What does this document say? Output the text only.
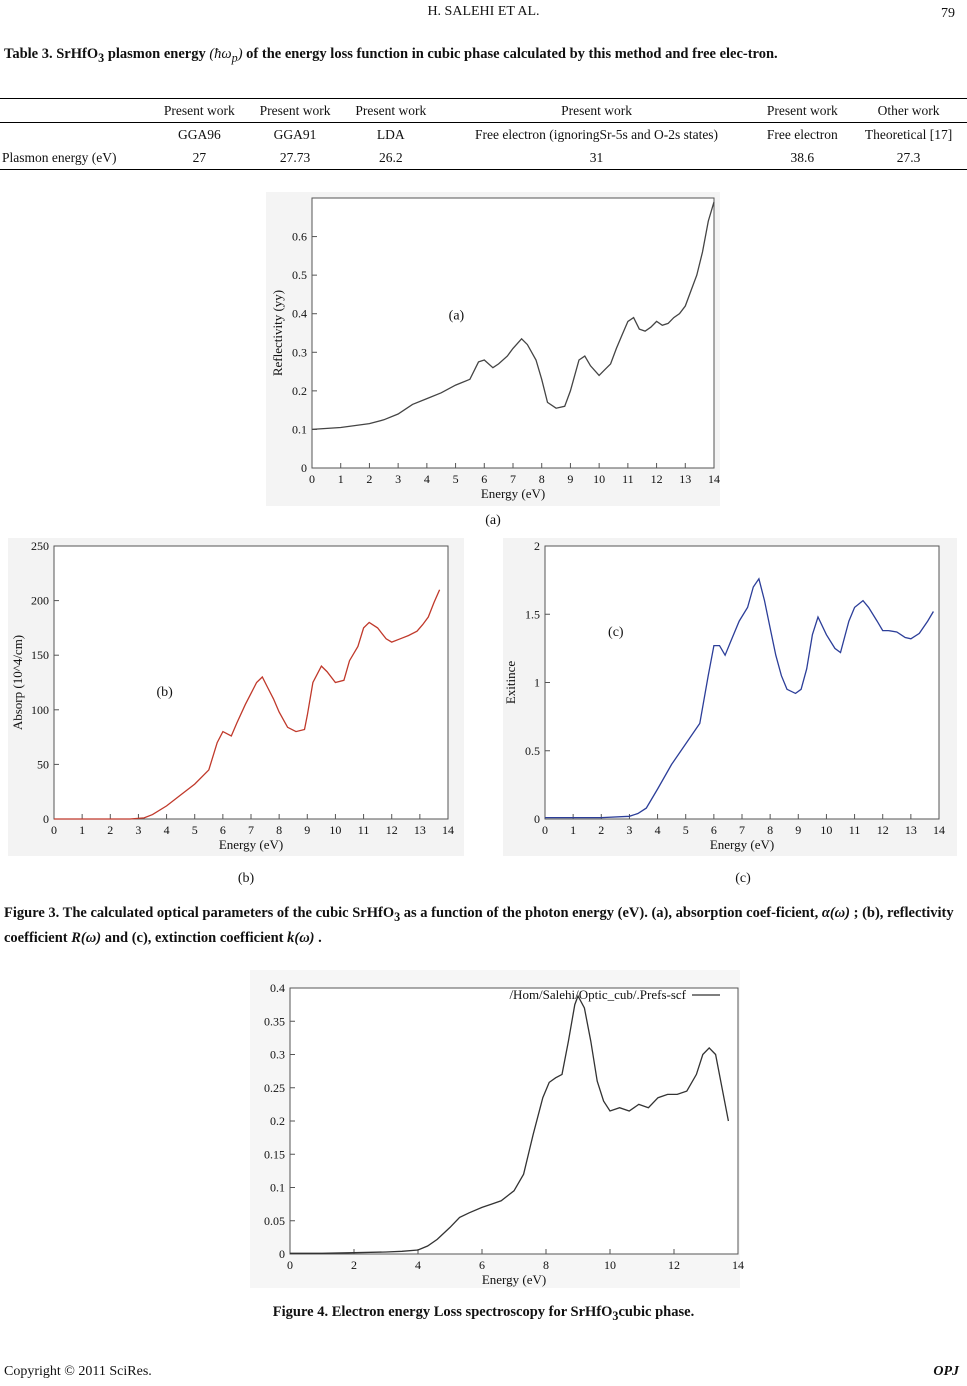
H. SALEHI ET AL.	79
Table 3. SrHfO$_3$ plasmon energy $(ħ\omega_p)$ of the energy loss function in cubic phase calculated by this method and free elec-tron.
	Present work	Present work	Present work	Present work	Present work	Other work
	GGA96	GGA91	LDA	Free electron (ignoringSr-5s and O-2s states)	Free electron	Theoretical [17]
Plasmon energy (eV)	27	27.73	26.2	31	38.6	27.3
0
0.1
0.2
0.3
0.4
0.5
0.6
0 1 2 3 4 5 6 7 8 9 10 11 12 13 14
Energy (eV)
Reflectivity (yy)	(a)
(a)
0
50
100
150
200
250
0 1 2 3 4 5 6 7 8 9 10 11 12 13 14
Energy (eV)
Absorp (10^4/cm)	(b)
(b)
0
0.5
1
1.5
2
0 1 2 3 4 5 6 7 8 9 10 11 12 13 14
Energy (eV)
Exitince
(c)
(c)
Figure 3. The calculated optical parameters of the cubic SrHfO$_3$ as a function of the photon energy (eV). (a), absorption coef-ficient, α(ω) ; (b), reflectivity coefficient R(ω) and (c), extinction coefficient k(ω) .
0
0.05
0.1
0.15
0.2
0.25
0.3
0.35
0.4
0	2	4	6	8	10	12	14
Energy (eV)
/Hom/Salehi/Optic_cub/.Prefs-scf
Figure 4. Electron energy Loss spectroscopy for SrHfO$_3$cubic phase.
Copyright © 2011 SciRes.	OPJ
